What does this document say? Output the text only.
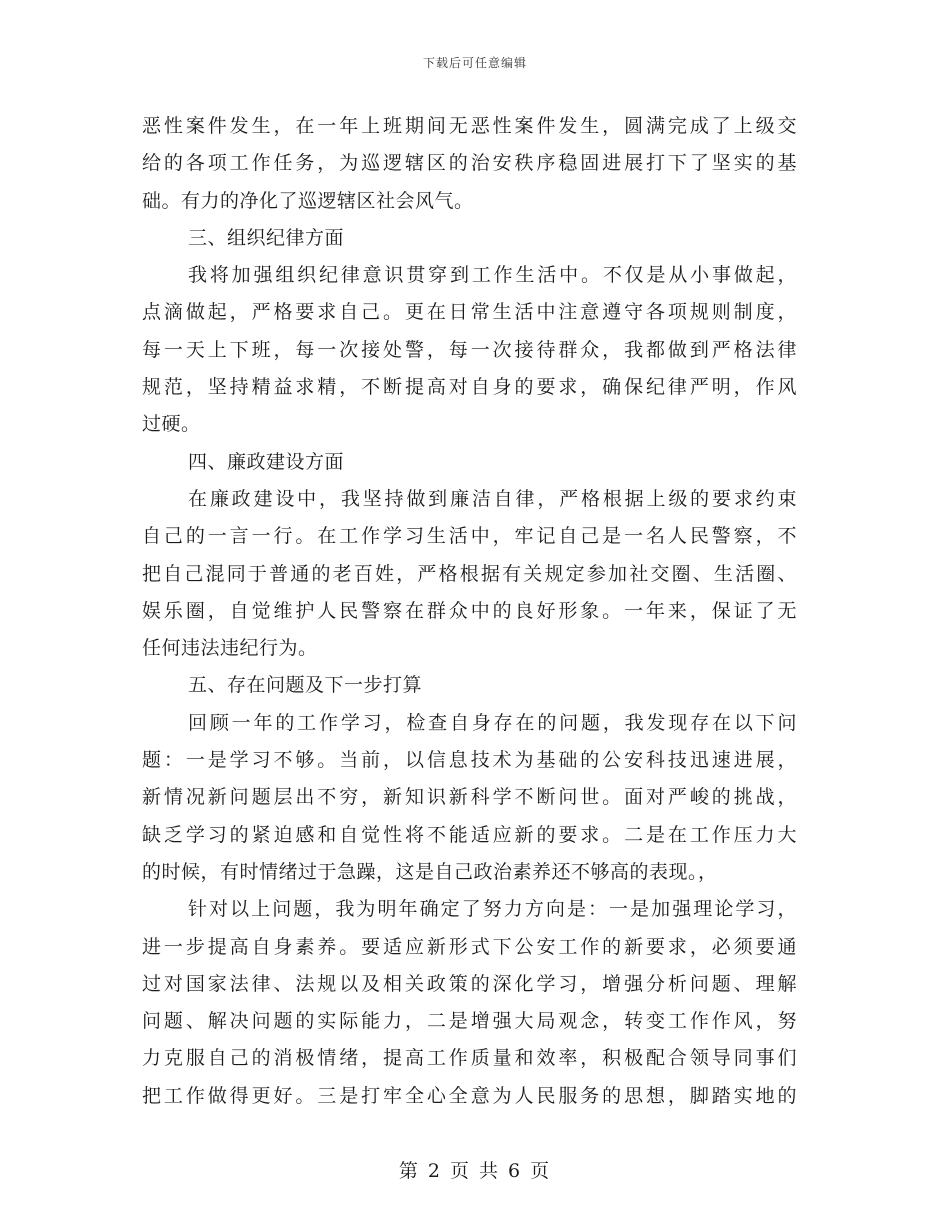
下载后可任意编辑
恶性案件发生，在一年上班期间无恶性案件发生，圆满完成了上级交
给的各项工作任务，为巡逻辖区的治安秩序稳固进展打下了坚实的基
础。有力的净化了巡逻辖区社会风气。
三、组织纪律方面
我将加强组织纪律意识贯穿到工作生活中。不仅是从小事做起，
点滴做起，严格要求自己。更在日常生活中注意遵守各项规则制度，
每一天上下班，每一次接处警，每一次接待群众，我都做到严格法律
规范，坚持精益求精，不断提高对自身的要求，确保纪律严明，作风
过硬。
四、廉政建设方面
在廉政建设中，我坚持做到廉洁自律，严格根据上级的要求约束
自己的一言一行。在工作学习生活中，牢记自己是一名人民警察，不
把自己混同于普通的老百姓，严格根据有关规定参加社交圈、生活圈、
娱乐圈，自觉维护人民警察在群众中的良好形象。一年来，保证了无
任何违法违纪行为。
五、存在问题及下一步打算
回顾一年的工作学习，检查自身存在的问题，我发现存在以下问
题：一是学习不够。当前，以信息技术为基础的公安科技迅速进展，
新情况新问题层出不穷，新知识新科学不断问世。面对严峻的挑战，
缺乏学习的紧迫感和自觉性将不能适应新的要求。二是在工作压力大
的时候，有时情绪过于急躁，这是自己政治素养还不够高的表现。，
针对以上问题，我为明年确定了努力方向是：一是加强理论学习，
进一步提高自身素养。要适应新形式下公安工作的新要求，必须要通
过对国家法律、法规以及相关政策的深化学习，增强分析问题、理解
问题、解决问题的实际能力，二是增强大局观念，转变工作作风，努
力克服自己的消极情绪，提高工作质量和效率，积极配合领导同事们
把工作做得更好。三是打牢全心全意为人民服务的思想，脚踏实地的
第 2 页 共 6 页
